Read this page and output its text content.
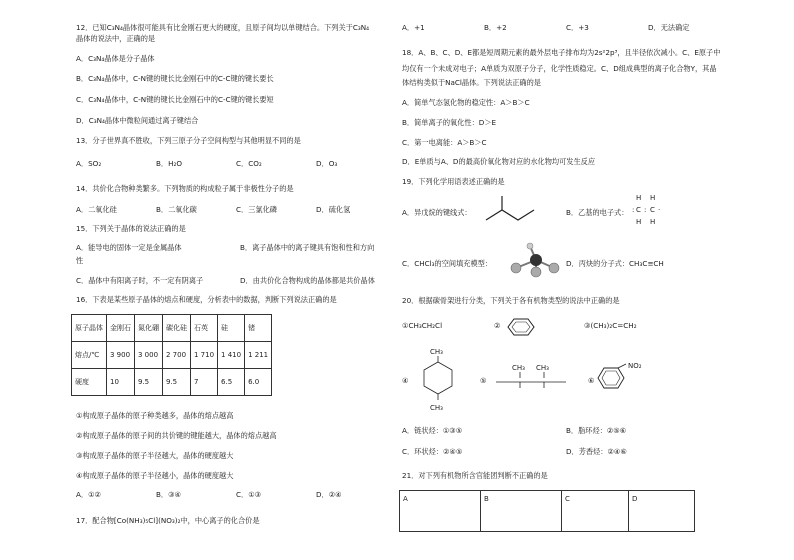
12．已知C₃N₄晶体很可能具有比金刚石更大的硬度，且原子间均以单键结合。下列关于C₃N₄
晶体的说法中，正确的是
A．C₃N₄晶体是分子晶体
B．C₃N₄晶体中，C-N键的键长比金刚石中的C-C键的键长要长
C．C₃N₄晶体中，C-N键的键长比金刚石中的C-C键的键长要短
D．C₃N₄晶体中微粒间通过离子键结合
13．分子世界真不胜收，下列三原子分子空间构型与其他明显不同的是
A．SO₂	B．H₂O	C．CO₂	D．O₃
14．共价化合物种类繁多。下列物质的构成粒子属于非极性分子的是
A．二氧化硅	B．二氧化碳	C．三氯化磷	D．硫化氢
15．下列关于晶体的说法正确的是
A．能导电的固体一定是金属晶体	B．离子晶体中的离子键具有饱和性和方向
性
C．晶体中有阳离子时，不一定有阴离子	D．由共价化合物构成的晶体都是共价晶体
16．下表是某些原子晶体的熔点和硬度，分析表中的数据，判断下列说法正确的是
原子晶体	金刚石	氮化硼	碳化硅	石英	硅	锗
熔点/℃	3 900	3 000	2 700	1 710	1 410	1 211
硬度	10	9.5	9.5	7	6.5	6.0
①构成原子晶体的原子种类越多，晶体的熔点越高
②构成原子晶体的原子间的共价键的键能越大，晶体的熔点越高
③构成原子晶体的原子半径越大，晶体的硬度越大
④构成原子晶体的原子半径越小，晶体的硬度越大
A．①②	B．③④	C．①③	D．②④
17．配合物[Co(NH₃)₅Cl](NO₃)₂中，中心离子的化合价是
A．+1	B．+2	C．+3	D．无法确定
18．A、B、C、D、E都是短周期元素的最外层电子排布均为2s²2p³，且半径依次减小。C、E原子中
均仅有一个未成对电子；A单质为双原子分子，化学性质稳定。C、D组成典型的离子化合物Y，其晶
体结构类似于NaCl晶体。下列说法正确的是
A．简单气态氢化物的稳定性：A＞B＞C
B．简单离子的氧化性：D＞E
C．第一电离能：A＞B＞C
D．E单质与A、D的最高价氧化物对应的水化物均可发生反应
19．下列化学用语表述正确的是
A．异戊烷的键线式：	B．乙基的电子式：
H H
: C : C ·
H H
C．CHCl₃的空间填充模型：	D．丙炔的分子式：CH₃C≡CH
20．根据碳骨架进行分类，下列关于各有机物类型的说法中正确的是
①CH₃CH₂Cl	②	③(CH₃)₂C=CH₂
④
CH₃
CH₃
⑤
CH₃ CH₃
⑥
NO₂
A．链状烃：①③⑤	B．脂环烃：②⑤⑥
C．环状烃：②④⑤	D．芳香烃：②④⑥
21．对下列有机物所含官能团判断不正确的是
A	B	C	D
